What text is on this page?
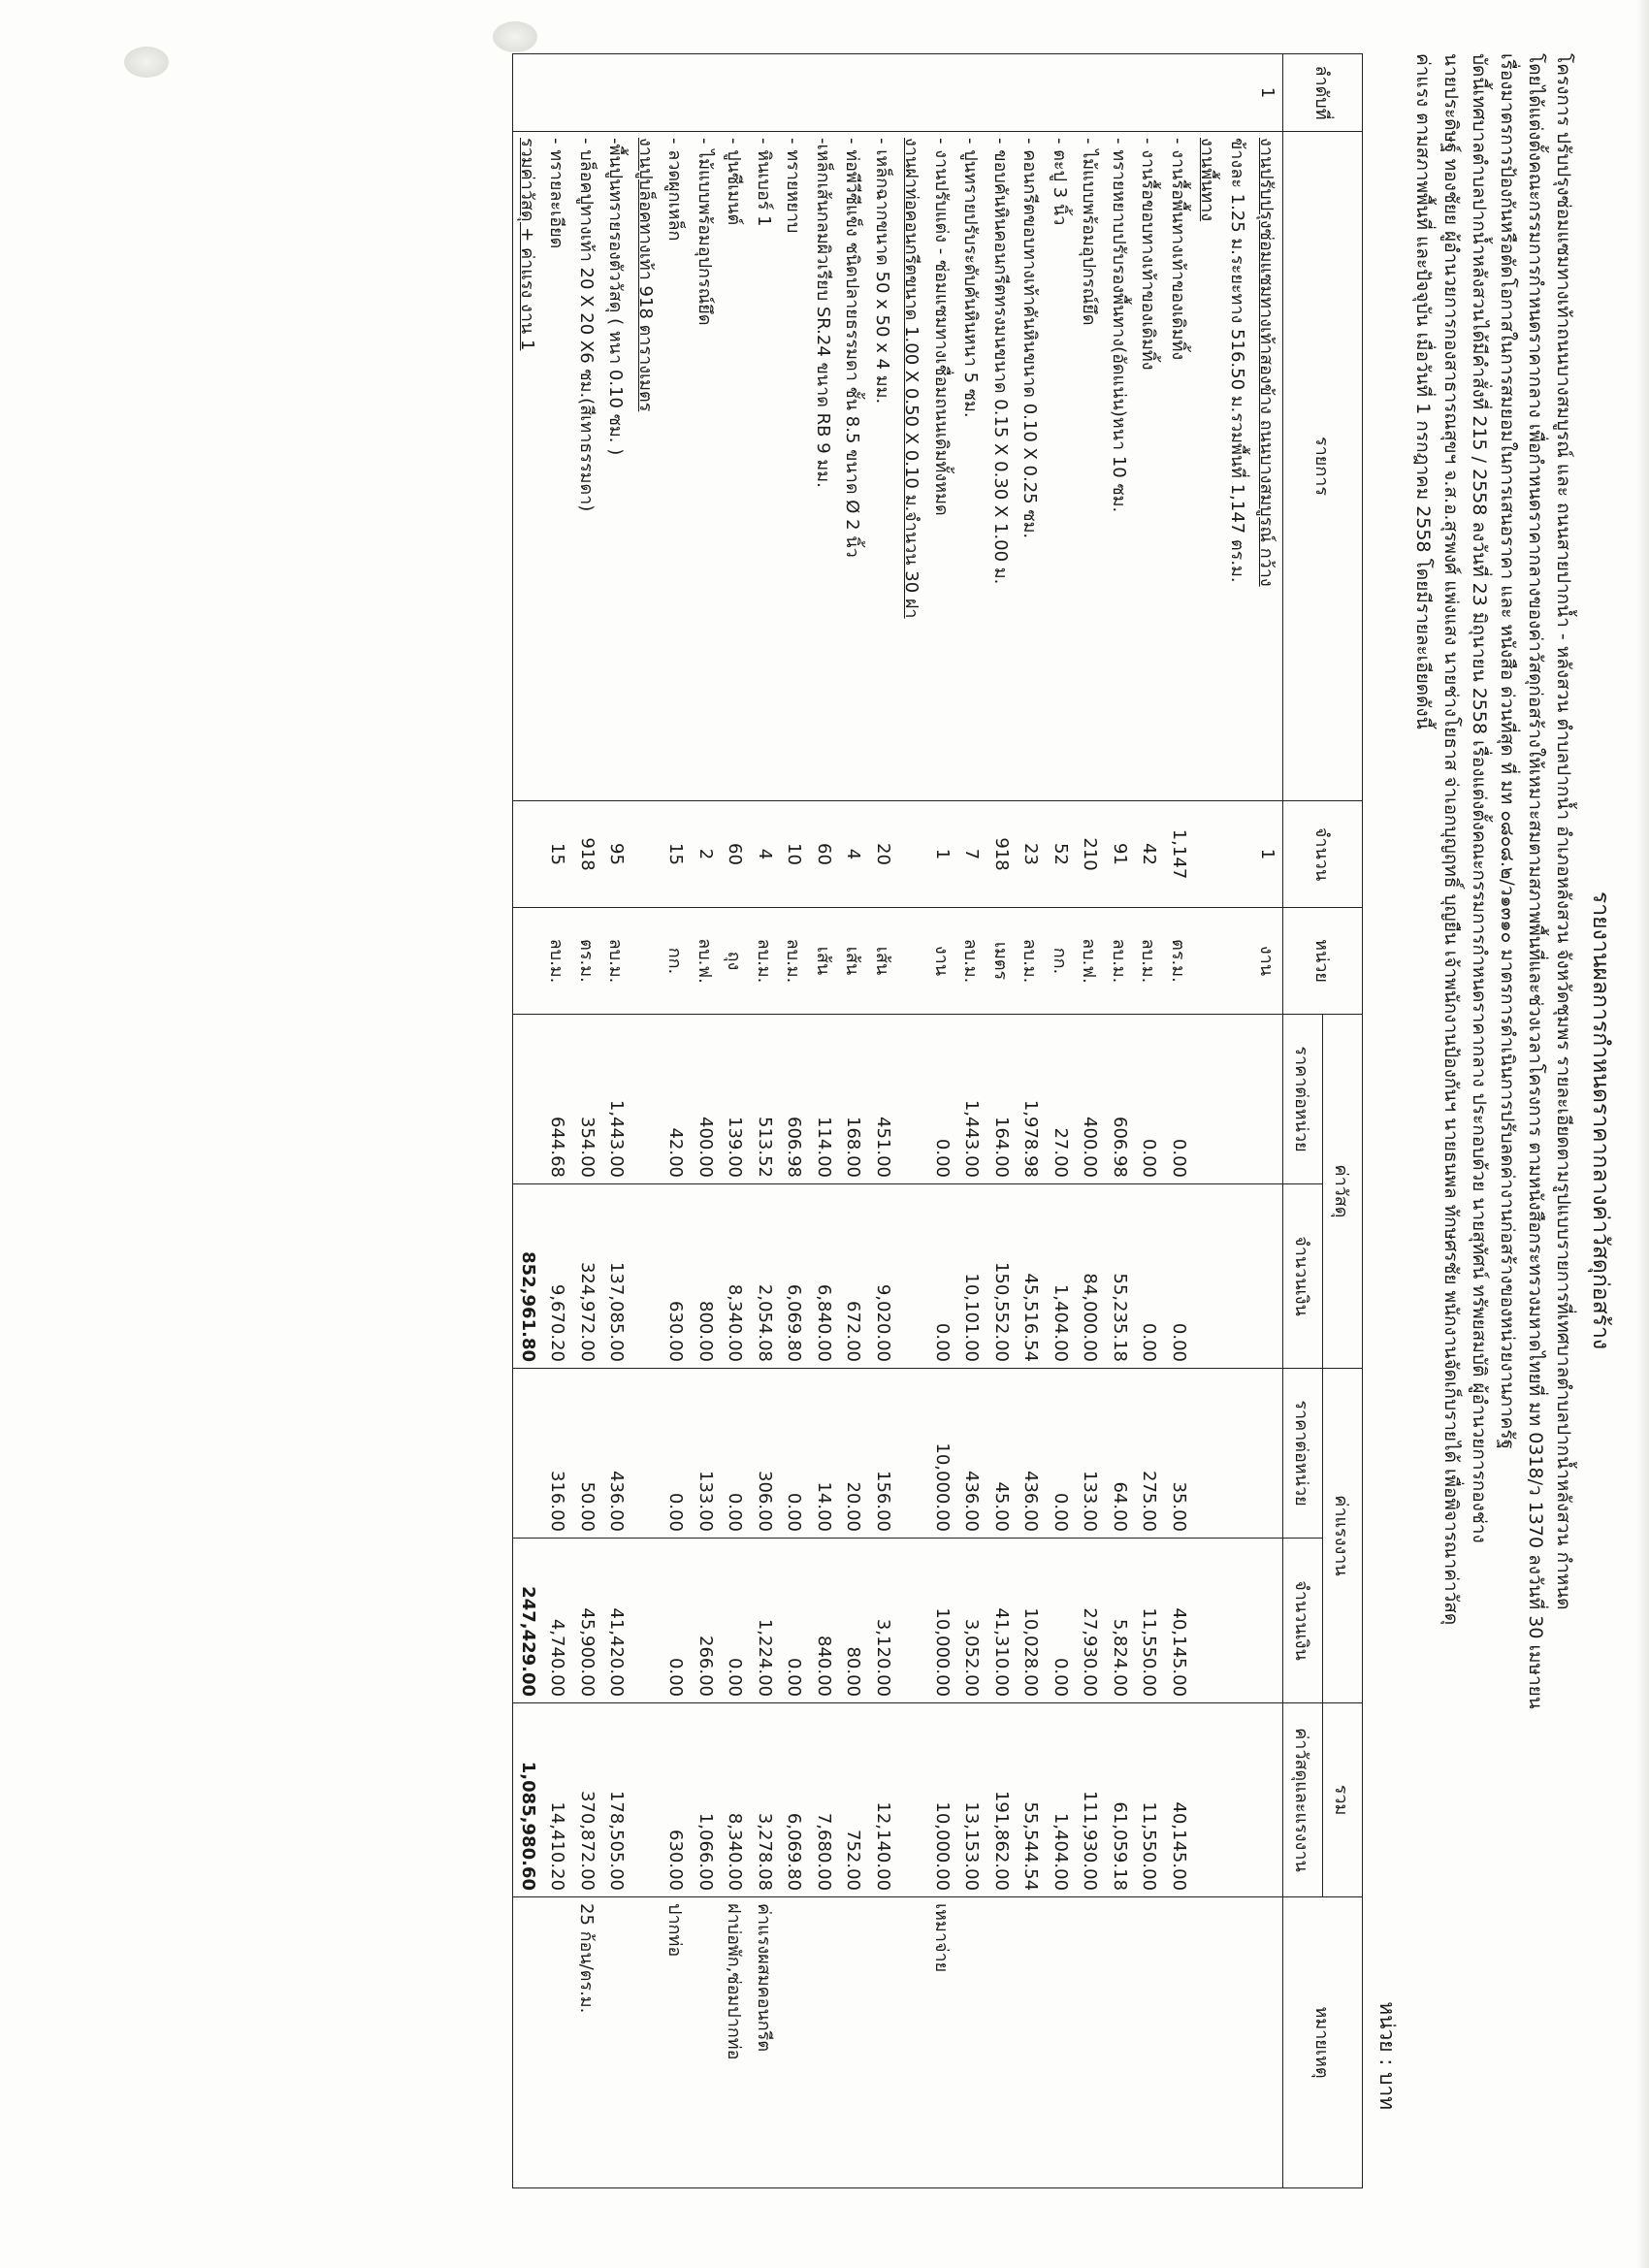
รายงานผลการกำหนดราคากลางค่าวัสดุก่อสร้าง

โครงการ ปรับปรุงซ่อมแซมทางเท้าถนนบางสมบูรณ์ และ ถนนสายปากน้ำ - หลังสวน ตำบลปากน้ำ อำเภอหลังสวน จังหวัดชุมพร รายละเอียดตามรูปแบบรายการที่เทศบาลตำบลปากน้ำหลังสวน กำหนด

โดยได้แต่งตั้งคณะกรรมการกำหนดราคากลาง เพื่อกำหนดราคากลางของค่าวัสดุก่อสร้างให้เหมาะสมตามสภาพพื้นที่และช่วงเวลาโครงการ ตามหนังสือกระทรวงมหาดไทยที่ มท 0318/ว 1370 ลงวันที่ 30 เมษายน

เรื่องมาตรการป้องกันหรือตัดโอกาสในการสมยอมในการเสนอราคา และ หนังสือ ด่วนที่สุด ที่ มท ๐๘๐๘.๒/ว๑๓๑๐ มาตรการดำเนินการปรับลดค่างานก่อสร้างของหน่วยงานภาครัฐ

บัดนี้เทศบาลตำบลปากน้ำหลังสวนได้มีคำสั่งที่ 215 / 2558 ลงวันที่ 23 มิถุนายน 2558 เรื่องแต่งตั้งคณะกรรมการกำหนดราคากลาง ประกอบด้วย นายสุทัศน์ ทรัพยสมบัติ ผู้อำนวยการกองช่าง

นายประดิษฐ์ ทองชัยย ผู้อำนวยการกองสาธารณสุขฯ จ.ส.อ.สุรพงศ์ แพ่งแสง นายช่างโยธาส จ่าเอกบุญฤทธิ์ บุญยืน เจ้าพนักงานป้องกันฯ นายธนพล ทักษศรชัย พนักงานจัดเก็บรายได้ เพื่อพิจารณาค่าวัสดุ

ค่าแรง ตามสภาพพื้นที่ และปัจจุบัน เมื่อวันที่ 1 กรกฎาคม 2558 โดยมีรายละเอียดดังนี้

หน่วย : บาท
ลำดับที่	รายการ	จำนวน	หน่วย	ค่าวัสดุ		ค่าแรงงาน		รวม	หมายเหตุ
				ราคาต่อหน่วย	จำนวนเงิน	ราคาต่อหน่วย	จำนวนเงิน	ค่าวัสดุและแรงงาน	
1	งานปรับปรุงซ่อมแซมทางเท้าสองข้าง ถนนบางสมบูรณ์ กว้าง	1	งาน						
	ข้างละ 1.25 ม.ระยะทาง 516.50 ม.รวมพื้นที่ 1,147 ตร.ม.								
	งานพื้นทาง								
	- งานรื้อพื้นทางเท้าของเดิมทิ้ง	1,147	ตร.ม.	0.00	0.00	35.00	40,145.00	40,145.00	
	- งานรื้อขอบทางเท้าของเดิมทิ้ง	42	ลบ.ม.	0.00	0.00	275.00	11,550.00	11,550.00	
	- ทรายหยาบปรับรองพื้นทาง(อัดแน่น)หนา 10 ซม.	91	ลบ.ม.	606.98	55,235.18	64.00	5,824.00	61,059.18	
	- ไม้แบบพร้อมอุปกรณ์ยึด	210	ลบ.ฟ.	400.00	84,000.00	133.00	27,930.00	111,930.00	
	- ตะปู 3 นิ้ว	52	กก.	27.00	1,404.00	0.00	0.00	1,404.00	
	- คอนกรีตขอบทางเท้าคันหินขนาด 0.10 X 0.25 ซม.	23	ลบ.ม.	1,978.98	45,516.54	436.00	10,028.00	55,544.54	
	- ขอบคันหินคอนกรีตทรงมนขนาด 0.15 X 0.30 X 1.00 ม.	918	เมตร	164.00	150,552.00	45.00	41,310.00	191,862.00	
	- ปูนทรายปรับระดับคันหินหนา 5 ซม.	7	ลบ.ม.	1,443.00	10,101.00	436.00	3,052.00	13,153.00	
	- งานปรับแต่ง - ซ่อมแซมทางเชื่อมถนนเดิมทั้งหมด	1	งาน	0.00	0.00	10,000.00	10,000.00	10,000.00	เหมาจ่าย
	งานฝาท่อคอนกรีตขนาด 1.00 X 0.50 X 0.10 ม.จำนวน 30 ฝา								
	- เหล็กฉากขนาด 50 x 50 x 4 มม.	20	เส้น	451.00	9,020.00	156.00	3,120.00	12,140.00	
	- ท่อพีวีซีแข็ง ชนิดปลายธรรมดา ชั้น 8.5 ขนาด Ø 2 นิ้ว	4	เส้น	168.00	672.00	20.00	80.00	752.00	
	-เหล็กเส้นกลมผิวเรียบ SR.24 ขนาด RB 9 มม.	60	เส้น	114.00	6,840.00	14.00	840.00	7,680.00	
	- ทรายหยาบ	10	ลบ.ม.	606.98	6,069.80	0.00	0.00	6,069.80	
	- หินเบอร์ 1	4	ลบ.ม.	513.52	2,054.08	306.00	1,224.00	3,278.08	ค่าแรงผสมคอนกรีต
	- ปูนซีเมนต์	60	ถุง	139.00	8,340.00	0.00	0.00	8,340.00	ฝาบ่อพัก,ซ่อมปากท่อ
	- ไม้แบบพร้อมอุปกรณ์ยึด	2	ลบ.ฟ.	400.00	800.00	133.00	266.00	1,066.00	
	- ลวดผูกเหล็ก	15	กก.	42.00	630.00	0.00	0.00	630.00	ปากท่อ
	งานปูบล็อคทางเท้า 918 ตารางเมตร								
	-พื้นปูนทรายรองตัววัสดุ ( หนา 0.10 ซม. )	95	ลบ.ม.	1,443.00	137,085.00	436.00	41,420.00	178,505.00	
	- บล็อคปูทางเท้า 20 X 20 X6 ซม.(สีเทาธรรมดา)	918	ตร.ม.	354.00	324,972.00	50.00	45,900.00	370,872.00	25 ก้อน/ตร.ม.
	- ทรายละเอียด	15	ลบ.ม.	644.68	9,670.20	316.00	4,740.00	14,410.20	
	รวมค่าวัสดุ + ค่าแรง งาน 1				852,961.80		247,429.00	1,085,980.60	
